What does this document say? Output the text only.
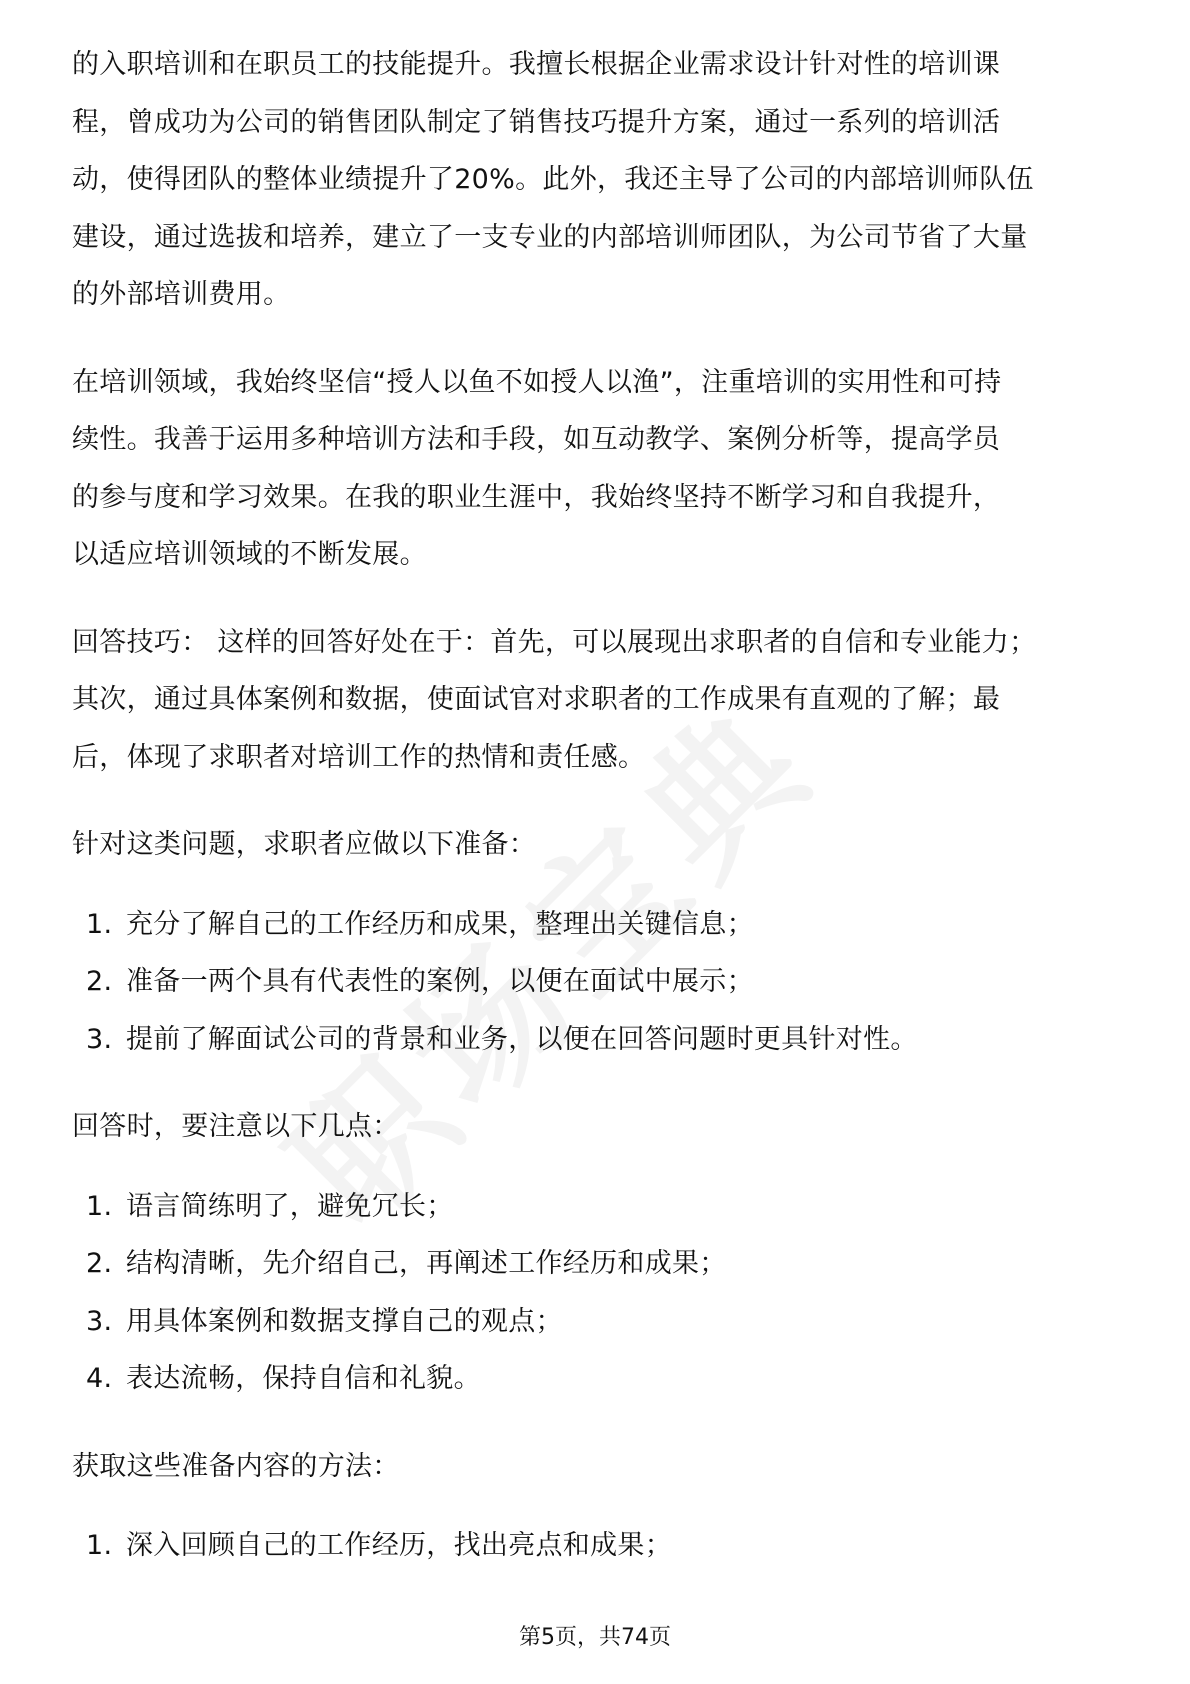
的入职培训和在职员工的技能提升。我擅长根据企业需求设计针对性的培训课程，曾成功为公司的销售团队制定了销售技巧提升方案，通过一系列的培训活动，使得团队的整体业绩提升了20%。此外，我还主导了公司的内部培训师队伍建设，通过选拔和培养，建立了一支专业的内部培训师团队，为公司节省了大量的外部培训费用。

在培训领域，我始终坚信“授人以鱼不如授人以渔”，注重培训的实用性和可持续性。我善于运用多种培训方法和手段，如互动教学、案例分析等，提高学员的参与度和学习效果。在我的职业生涯中，我始终坚持不断学习和自我提升，以适应培训领域的不断发展。

回答技巧： 这样的回答好处在于：首先，可以展现出求职者的自信和专业能力；其次，通过具体案例和数据，使面试官对求职者的工作成果有直观的了解；最后，体现了求职者对培训工作的热情和责任感。

针对这类问题，求职者应做以下准备：

1. 充分了解自己的工作经历和成果，整理出关键信息；
2. 准备一两个具有代表性的案例，以便在面试中展示；
3. 提前了解面试公司的背景和业务，以便在回答问题时更具针对性。

回答时，要注意以下几点：

1. 语言简练明了，避免冗长；
2. 结构清晰，先介绍自己，再阐述工作经历和成果；
3. 用具体案例和数据支撑自己的观点；
4. 表达流畅，保持自信和礼貌。

获取这些准备内容的方法：

1. 深入回顾自己的工作经历，找出亮点和成果；
第5页，共74页
